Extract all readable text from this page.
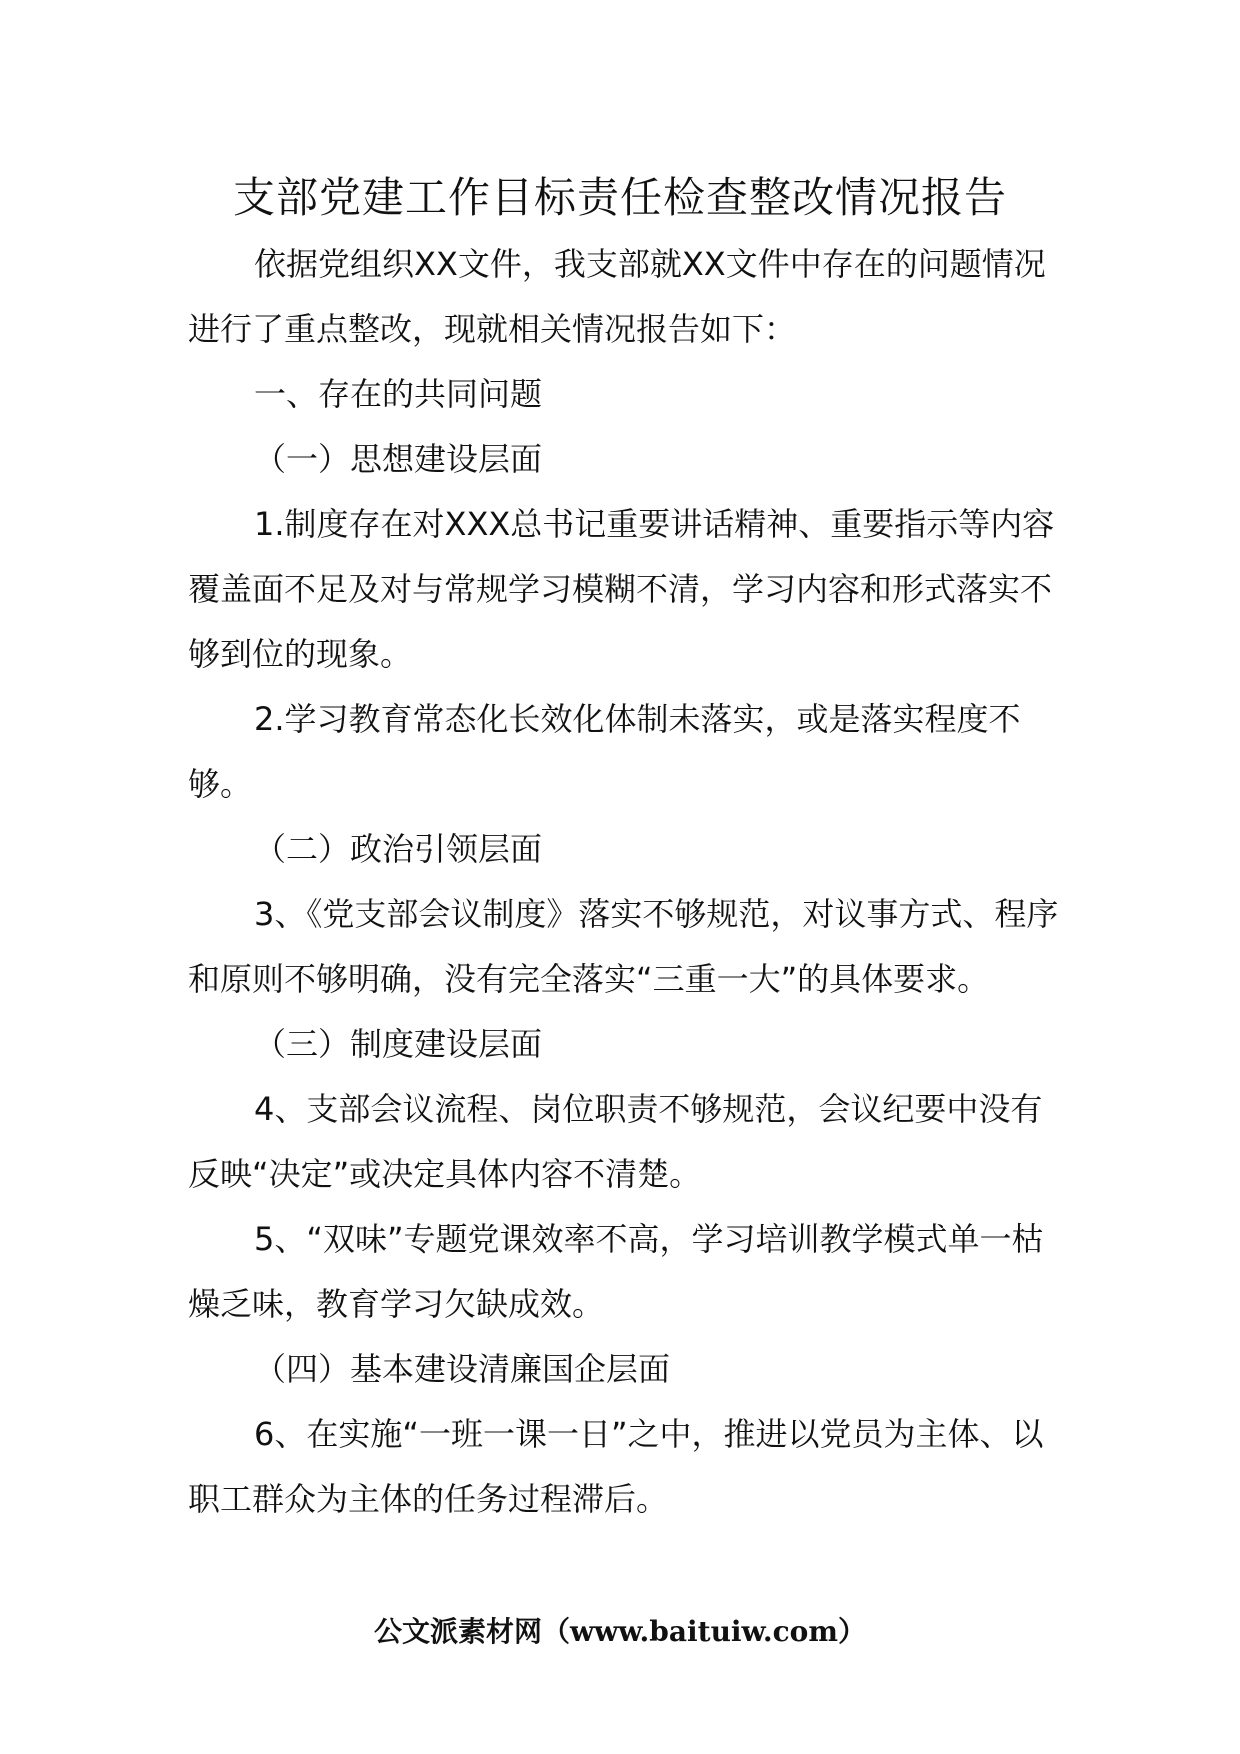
支部党建工作目标责任检查整改情况报告

依据党组织XX文件，我支部就XX文件中存在的问题情况进行了重点整改，现就相关情况报告如下：

一、存在的共同问题

（一）思想建设层面

1.制度存在对XXX总书记重要讲话精神、重要指示等内容覆盖面不足及对与常规学习模糊不清，学习内容和形式落实不够到位的现象。

2.学习教育常态化长效化体制未落实，或是落实程度不够。

（二）政治引领层面

3、《党支部会议制度》落实不够规范，对议事方式、程序和原则不够明确，没有完全落实“三重一大”的具体要求。

（三）制度建设层面

4、支部会议流程、岗位职责不够规范，会议纪要中没有反映“决定”或决定具体内容不清楚。

5、“双味”专题党课效率不高，学习培训教学模式单一枯燥乏味，教育学习欠缺成效。

（四）基本建设清廉国企层面

6、在实施“一班一课一日”之中，推进以党员为主体、以职工群众为主体的任务过程滞后。

公文派素材网（www.baituiw.com）
